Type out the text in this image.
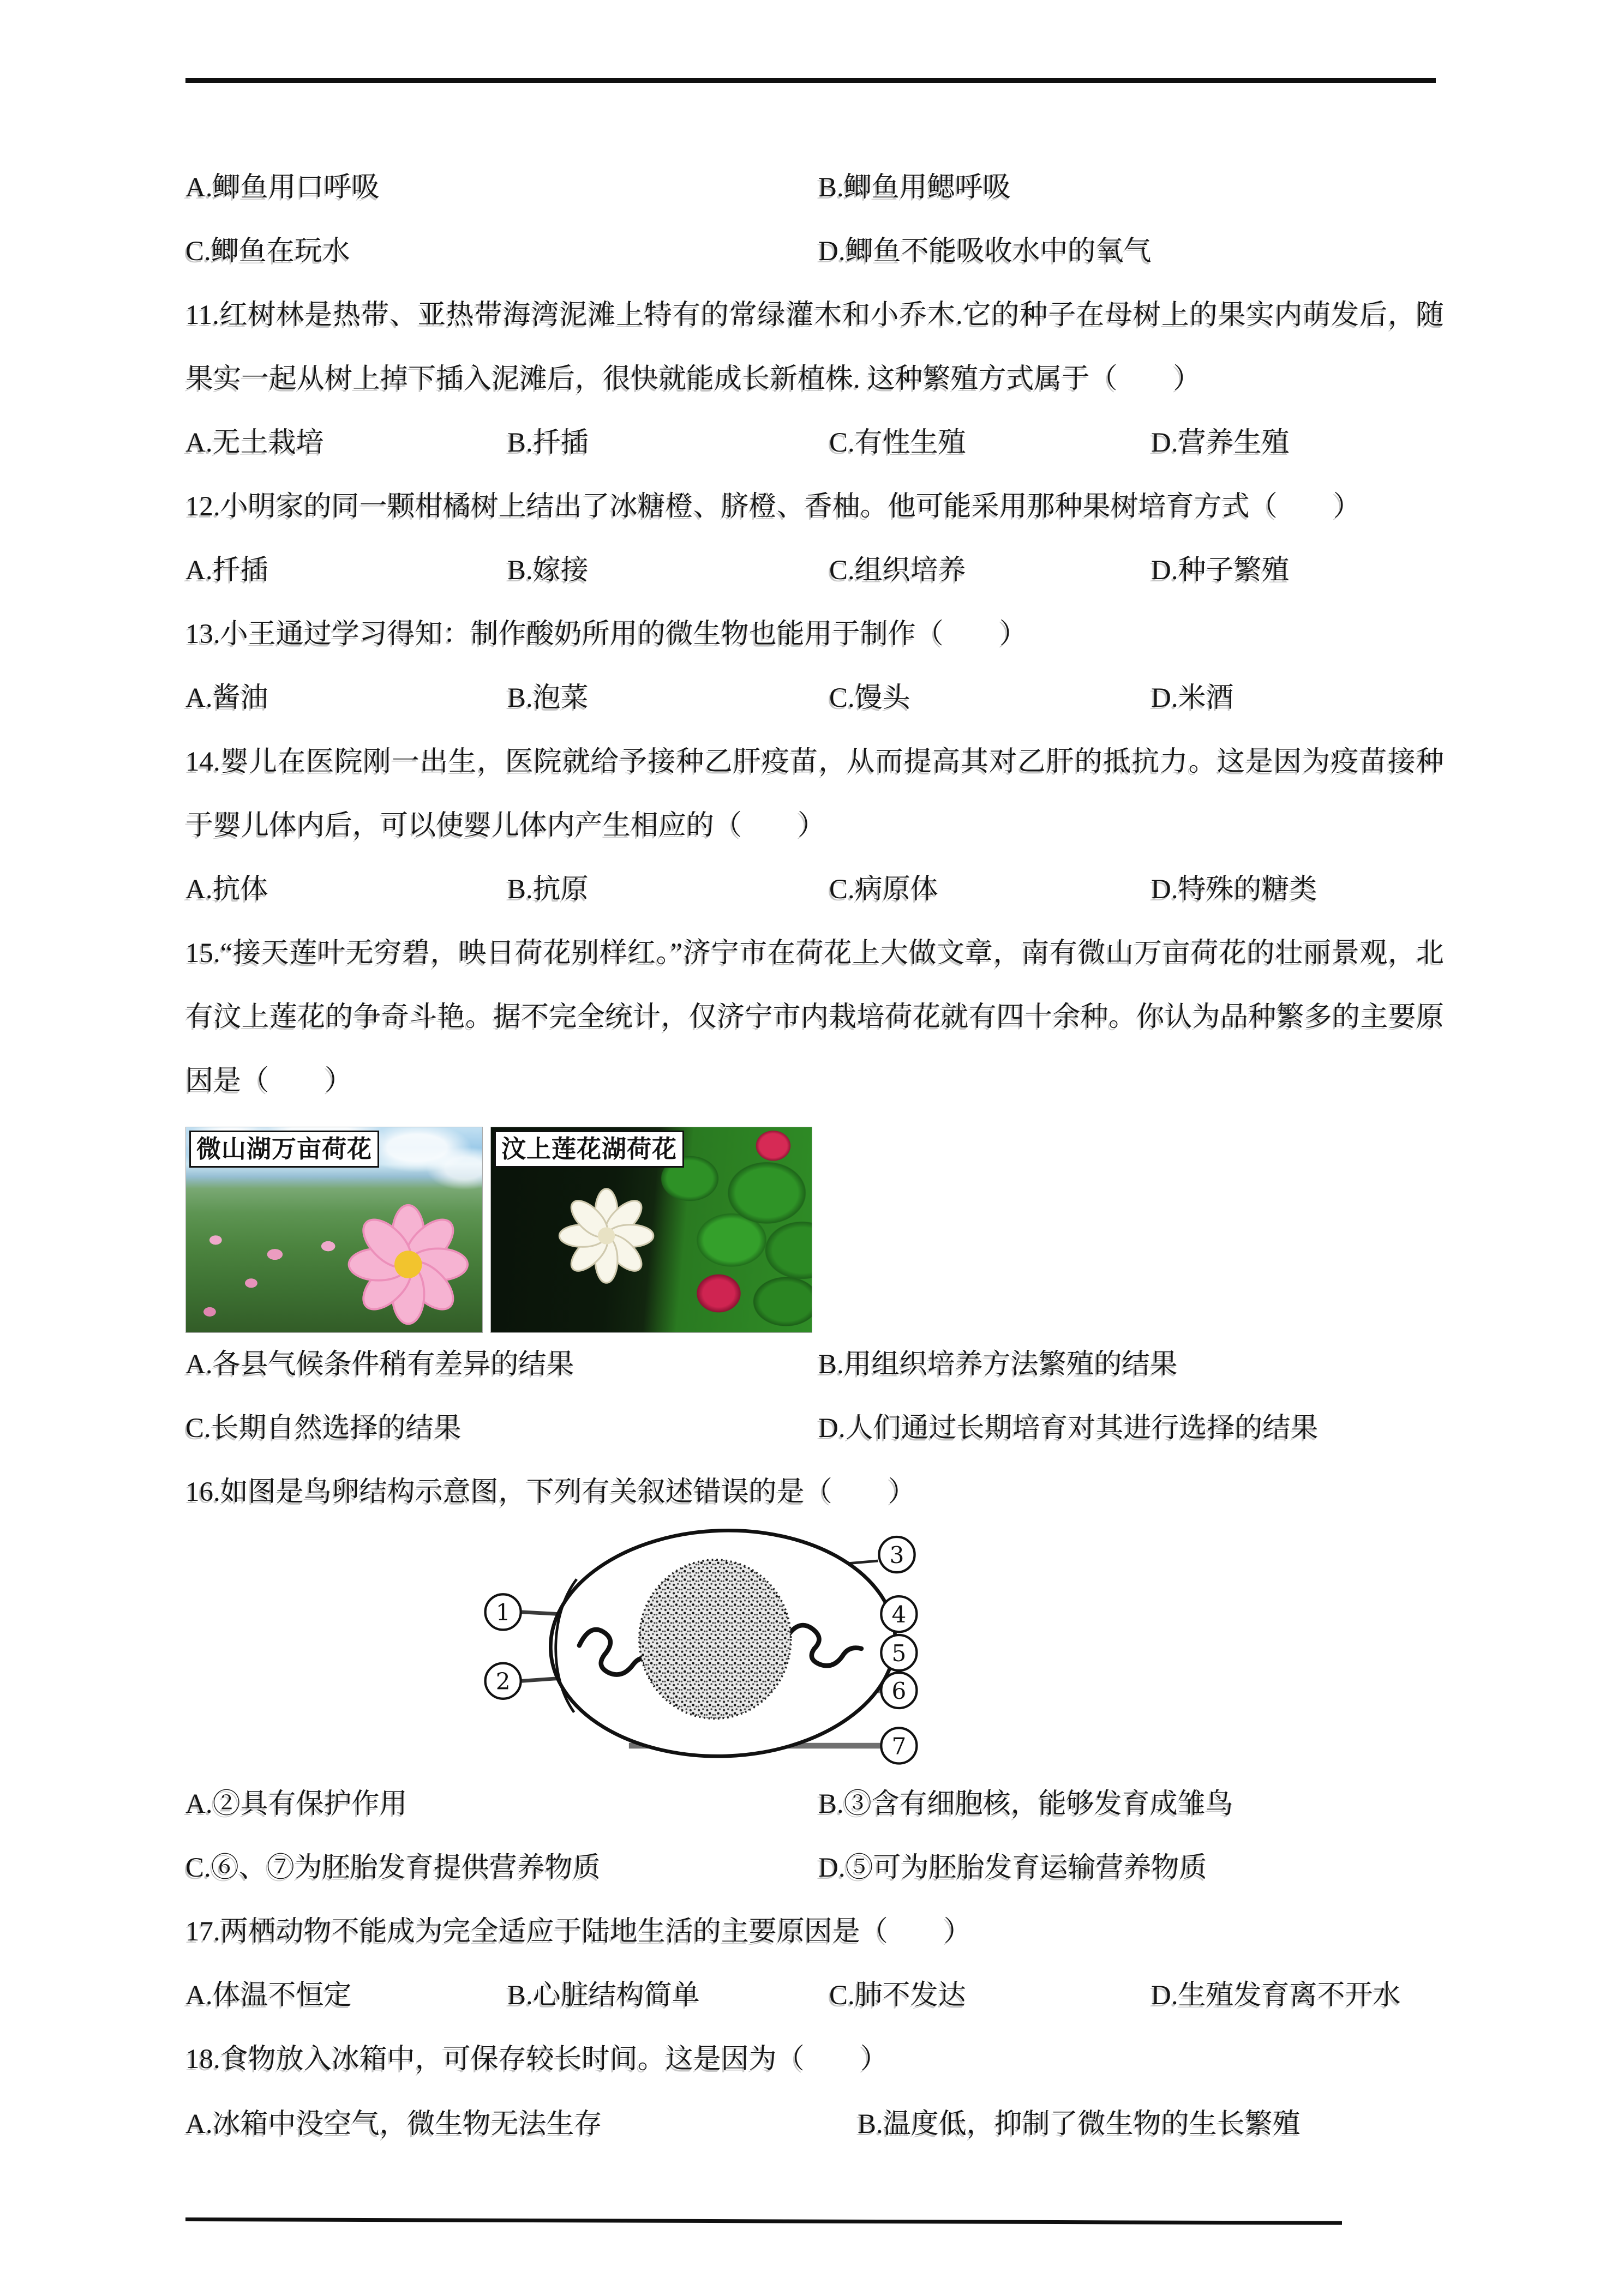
A.鲫鱼用口呼吸	B.鲫鱼用鳃呼吸
C.鲫鱼在玩水	D.鲫鱼不能吸收水中的氧气

11.红树林是热带、亚热带海湾泥滩上特有的常绿灌木和小乔木.它的种子在母树上的果实内萌发后，随果实一起从树上掉下插入泥滩后，很快就能成长新植株. 这种繁殖方式属于（　　）

A.无土栽培	B.扦插	C.有性生殖	D.营养生殖

12.小明家的同一颗柑橘树上结出了冰糖橙、脐橙、香柚。他可能采用那种果树培育方式（　　）

A.扦插	B.嫁接	C.组织培养	D.种子繁殖

13.小王通过学习得知：制作酸奶所用的微生物也能用于制作（　　）

A.酱油	B.泡菜	C.馒头	D.米酒

14.婴儿在医院刚一出生，医院就给予接种乙肝疫苗，从而提高其对乙肝的抵抗力。这是因为疫苗接种于婴儿体内后，可以使婴儿体内产生相应的（　　）

A.抗体	B.抗原	C.病原体	D.特殊的糖类

15.“接天莲叶无穷碧，映日荷花别样红。”济宁市在荷花上大做文章，南有微山万亩荷花的壮丽景观，北有汶上莲花的争奇斗艳。据不完全统计，仅济宁市内栽培荷花就有四十余种。你认为品种繁多的主要原因是（　　）

微山湖万亩荷花	汶上莲花湖荷花
A.各县气候条件稍有差异的结果	B.用组织培养方法繁殖的结果
C.长期自然选择的结果	D.人们通过长期培育对其进行选择的结果

16.如图是鸟卵结构示意图，下列有关叙述错误的是（　　）

1
2
3
4
5
6
7
A.②具有保护作用	B.③含有细胞核，能够发育成雏鸟
C.⑥、⑦为胚胎发育提供营养物质	D.⑤可为胚胎发育运输营养物质

17.两栖动物不能成为完全适应于陆地生活的主要原因是（　　）

A.体温不恒定	B.心脏结构简单	C.肺不发达	D.生殖发育离不开水

18.食物放入冰箱中，可保存较长时间。这是因为（　　）

A.冰箱中没空气，微生物无法生存	B.温度低，抑制了微生物的生长繁殖
